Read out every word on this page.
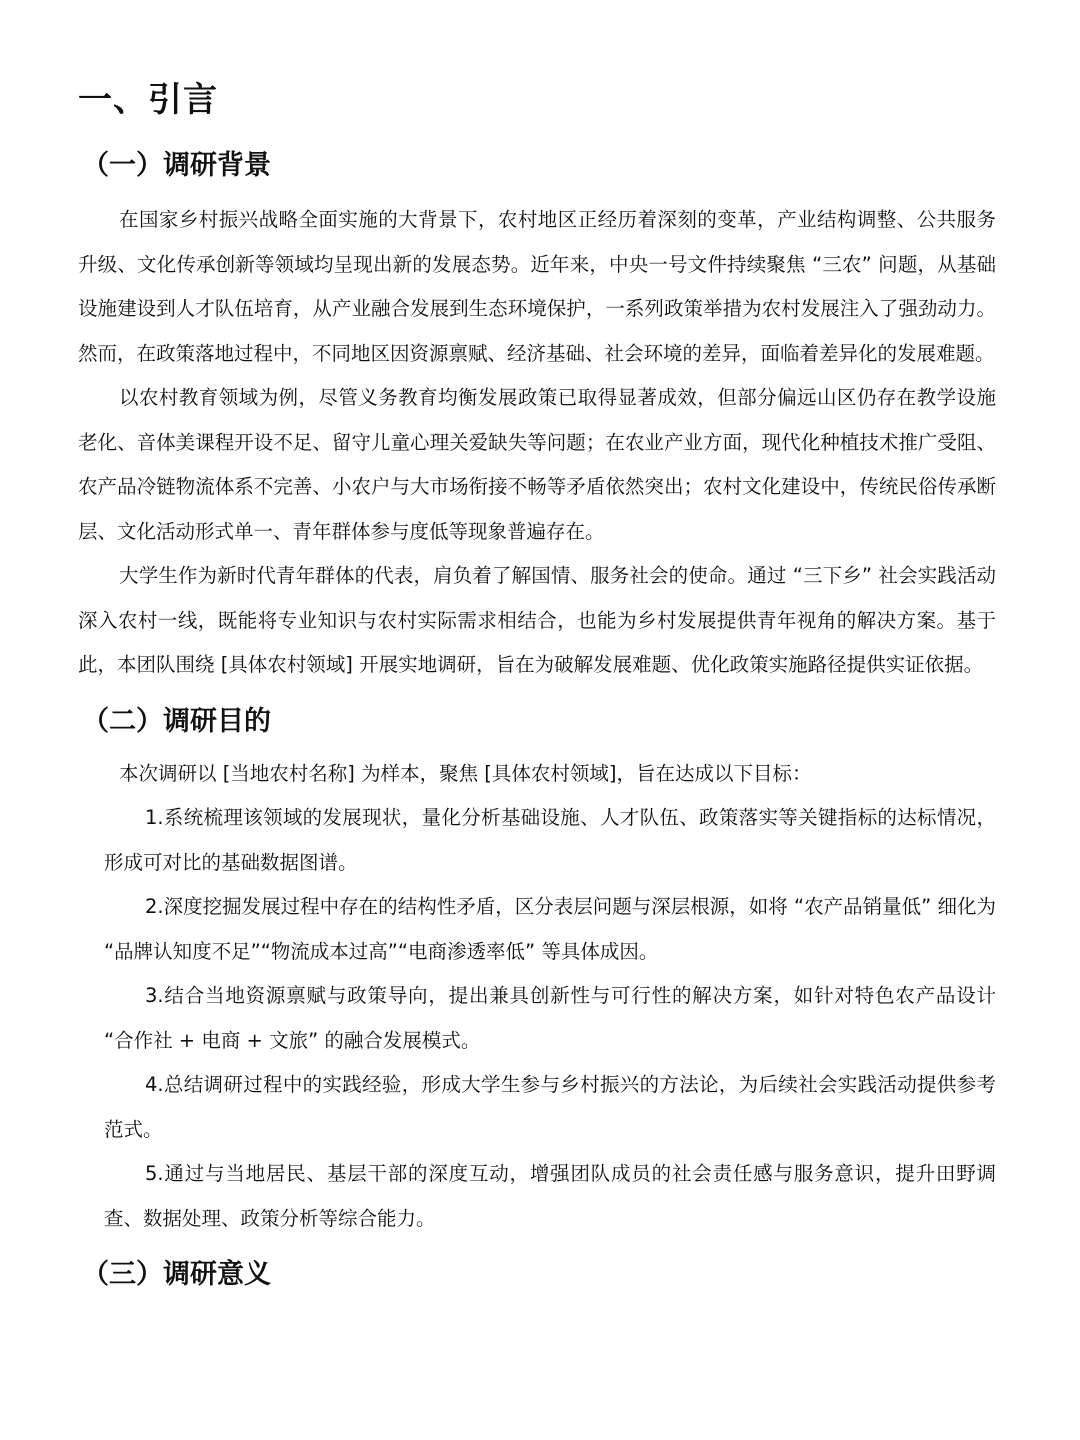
一、引言
（一）调研背景

在国家乡村振兴战略全面实施的大背景下，农村地区正经历着深刻的变革，产业结构调整、公共服务升级、文化传承创新等领域均呈现出新的发展态势。近年来，中央一号文件持续聚焦 “三农” 问题，从基础设施建设到人才队伍培育，从产业融合发展到生态环境保护，一系列政策举措为农村发展注入了强劲动力。然而，在政策落地过程中，不同地区因资源禀赋、经济基础、社会环境的差异，面临着差异化的发展难题。

以农村教育领域为例，尽管义务教育均衡发展政策已取得显著成效，但部分偏远山区仍存在教学设施老化、音体美课程开设不足、留守儿童心理关爱缺失等问题；在农业产业方面，现代化种植技术推广受阻、农产品冷链物流体系不完善、小农户与大市场衔接不畅等矛盾依然突出；农村文化建设中，传统民俗传承断层、文化活动形式单一、青年群体参与度低等现象普遍存在。

大学生作为新时代青年群体的代表，肩负着了解国情、服务社会的使命。通过 “三下乡” 社会实践活动深入农村一线，既能将专业知识与农村实际需求相结合，也能为乡村发展提供青年视角的解决方案。基于此，本团队围绕 [具体农村领域] 开展实地调研，旨在为破解发展难题、优化政策实施路径提供实证依据。

（二）调研目的

本次调研以 [当地农村名称] 为样本，聚焦 [具体农村领域]，旨在达成以下目标：

1.系统梳理该领域的发展现状，量化分析基础设施、人才队伍、政策落实等关键指标的达标情况，形成可对比的基础数据图谱。
2.深度挖掘发展过程中存在的结构性矛盾，区分表层问题与深层根源，如将 “农产品销量低” 细化为 “品牌认知度不足”“物流成本过高”“电商渗透率低” 等具体成因。
3.结合当地资源禀赋与政策导向，提出兼具创新性与可行性的解决方案，如针对特色农产品设计 “合作社 + 电商 + 文旅” 的融合发展模式。
4.总结调研过程中的实践经验，形成大学生参与乡村振兴的方法论，为后续社会实践活动提供参考范式。
5.通过与当地居民、基层干部的深度互动，增强团队成员的社会责任感与服务意识，提升田野调查、数据处理、政策分析等综合能力。
（三）调研意义
